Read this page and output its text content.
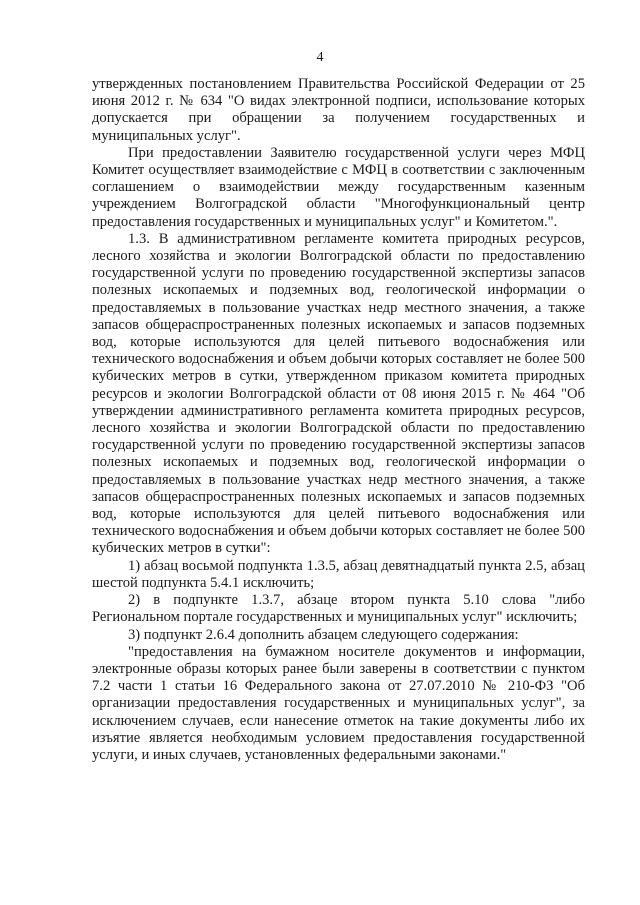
4

утвержденных постановлением Правительства Российской Федерации от 25 июня 2012 г. № 634 "О видах электронной подписи, использование которых допускается при обращении за получением государственных и муниципальных услуг".

При предоставлении Заявителю государственной услуги через МФЦ Комитет осуществляет взаимодействие с МФЦ в соответствии с заключенным соглашением о взаимодействии между государственным казенным учреждением Волгоградской области "Многофункциональный центр предоставления государственных и муниципальных услуг" и Комитетом.".

1.3. В административном регламенте комитета природных ресурсов, лесного хозяйства и экологии Волгоградской области по предоставлению государственной услуги по проведению государственной экспертизы запасов полезных ископаемых и подземных вод, геологической информации о предоставляемых в пользование участках недр местного значения, а также запасов общераспространенных полезных ископаемых и запасов подземных вод, которые используются для целей питьевого водоснабжения или технического водоснабжения и объем добычи которых составляет не более 500 кубических метров в сутки, утвержденном приказом комитета природных ресурсов и экологии Волгоградской области от 08 июня 2015 г. № 464 "Об утверждении административного регламента комитета природных ресурсов, лесного хозяйства и экологии Волгоградской области по предоставлению государственной услуги по проведению государственной экспертизы запасов полезных ископаемых и подземных вод, геологической информации о предоставляемых в пользование участках недр местного значения, а также запасов общераспространенных полезных ископаемых и запасов подземных вод, которые используются для целей питьевого водоснабжения или технического водоснабжения и объем добычи которых составляет не более 500 кубических метров в сутки":

1) абзац восьмой подпункта 1.3.5, абзац девятнадцатый пункта 2.5, абзац шестой подпункта 5.4.1 исключить;

2) в подпункте 1.3.7, абзаце втором пункта 5.10 слова "либо Региональном портале государственных и муниципальных услуг" исключить;

3) подпункт 2.6.4 дополнить абзацем следующего содержания:

"предоставления на бумажном носителе документов и информации, электронные образы которых ранее были заверены в соответствии с пунктом 7.2 части 1 статьи 16 Федерального закона от 27.07.2010 № 210-ФЗ "Об организации предоставления государственных и муниципальных услуг", за исключением случаев, если нанесение отметок на такие документы либо их изъятие является необходимым условием предоставления государственной услуги, и иных случаев, установленных федеральными законами."
